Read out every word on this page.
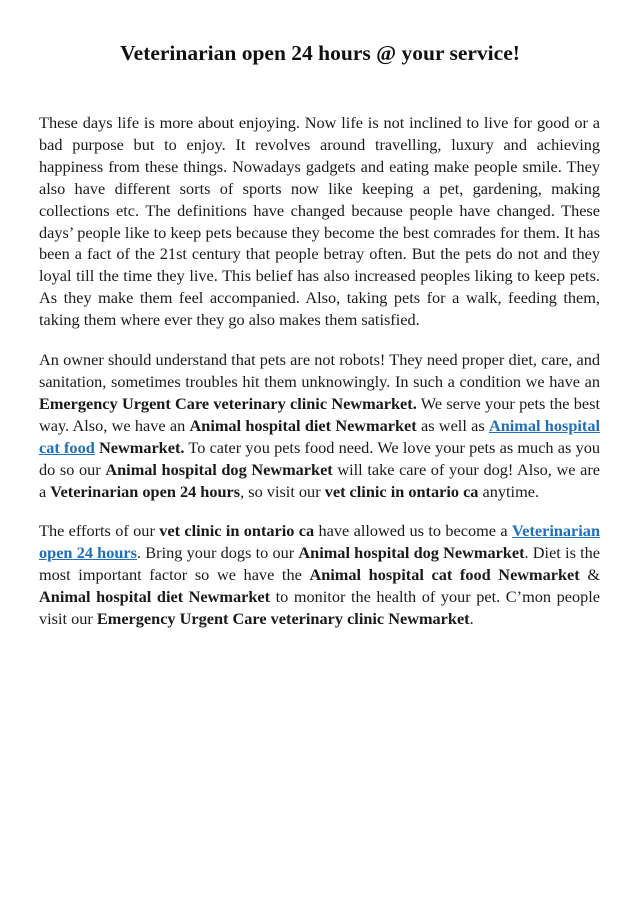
Veterinarian open 24 hours @ your service!

These days life is more about enjoying. Now life is not inclined to live for good or a bad purpose but to enjoy. It revolves around travelling, luxury and achieving happiness from these things. Nowadays gadgets and eating make people smile. They also have different sorts of sports now like keeping a pet, gardening, making collections etc. The definitions have changed because people have changed. These days’ people like to keep pets because they become the best comrades for them. It has been a fact of the 21st century that people betray often. But the pets do not and they loyal till the time they live. This belief has also increased peoples liking to keep pets. As they make them feel accompanied. Also, taking pets for a walk, feeding them, taking them where ever they go also makes them satisfied.

An owner should understand that pets are not robots! They need proper diet, care, and sanitation, sometimes troubles hit them unknowingly. In such a condition we have an Emergency Urgent Care veterinary clinic Newmarket. We serve your pets the best way. Also, we have an Animal hospital diet Newmarket as well as Animal hospital cat food Newmarket. To cater you pets food need. We love your pets as much as you do so our Animal hospital dog Newmarket will take care of your dog! Also, we are a Veterinarian open 24 hours, so visit our vet clinic in ontario ca anytime.

The efforts of our vet clinic in ontario ca have allowed us to become a Veterinarian open 24 hours. Bring your dogs to our Animal hospital dog Newmarket. Diet is the most important factor so we have the Animal hospital cat food Newmarket & Animal hospital diet Newmarket to monitor the health of your pet. C’mon people visit our Emergency Urgent Care veterinary clinic Newmarket.
